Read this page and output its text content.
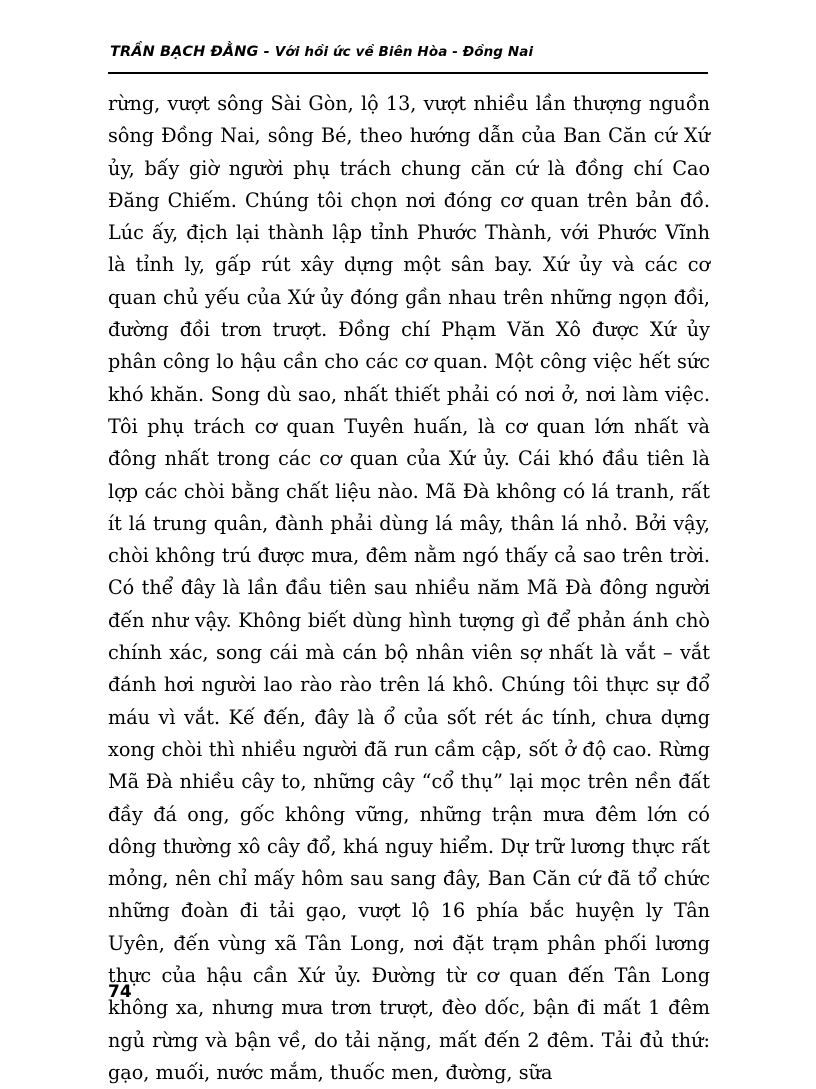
TRẦN BẠCH ĐẰNG - Với hồi ức về Biên Hòa - Đồng Nai

rừng, vượt sông Sài Gòn, lộ 13, vượt nhiều lần thượng nguồn sông Đồng Nai, sông Bé, theo hướng dẫn của Ban Căn cứ Xứ ủy, bấy giờ người phụ trách chung căn cứ là đồng chí Cao Đăng Chiếm. Chúng tôi chọn nơi đóng cơ quan trên bản đồ. Lúc ấy, địch lại thành lập tỉnh Phước Thành, với Phước Vĩnh là tỉnh ly, gấp rút xây dựng một sân bay. Xứ ủy và các cơ quan chủ yếu của Xứ ủy đóng gần nhau trên những ngọn đồi, đường đồi trơn trượt. Đồng chí Phạm Văn Xô được Xứ ủy phân công lo hậu cần cho các cơ quan. Một công việc hết sức khó khăn. Song dù sao, nhất thiết phải có nơi ở, nơi làm việc. Tôi phụ trách cơ quan Tuyên huấn, là cơ quan lớn nhất và đông nhất trong các cơ quan của Xứ ủy. Cái khó đầu tiên là lợp các chòi bằng chất liệu nào. Mã Đà không có lá tranh, rất ít lá trung quân, đành phải dùng lá mây, thân lá nhỏ. Bởi vậy, chòi không trú được mưa, đêm nằm ngó thấy cả sao trên trời. Có thể đây là lần đầu tiên sau nhiều năm Mã Đà đông người đến như vậy. Không biết dùng hình tượng gì để phản ánh chò chính xác, song cái mà cán bộ nhân viên sợ nhất là vắt – vắt đánh hơi người lao rào rào trên lá khô. Chúng tôi thực sự đổ máu vì vắt. Kế đến, đây là ổ của sốt rét ác tính, chưa dựng xong chòi thì nhiều người đã run cầm cập, sốt ở độ cao. Rừng Mã Đà nhiều cây to, những cây “cổ thụ” lại mọc trên nền đất đầy đá ong, gốc không vững, những trận mưa đêm lớn có dông thường xô cây đổ, khá nguy hiểm. Dự trữ lương thực rất mỏng, nên chỉ mấy hôm sau sang đây, Ban Căn cứ đã tổ chức những đoàn đi tải gạo, vượt lộ 16 phía bắc huyện ly Tân Uyên, đến vùng xã Tân Long, nơi đặt trạm phân phối lương thực của hậu cần Xứ ủy. Đường từ cơ quan đến Tân Long không xa, nhưng mưa trơn trượt, đèo dốc, bận đi mất 1 đêm ngủ rừng và bận về, do tải nặng, mất đến 2 đêm. Tải đủ thứ: gạo, muối, nước mắm, thuốc men, đường, sữa

74
